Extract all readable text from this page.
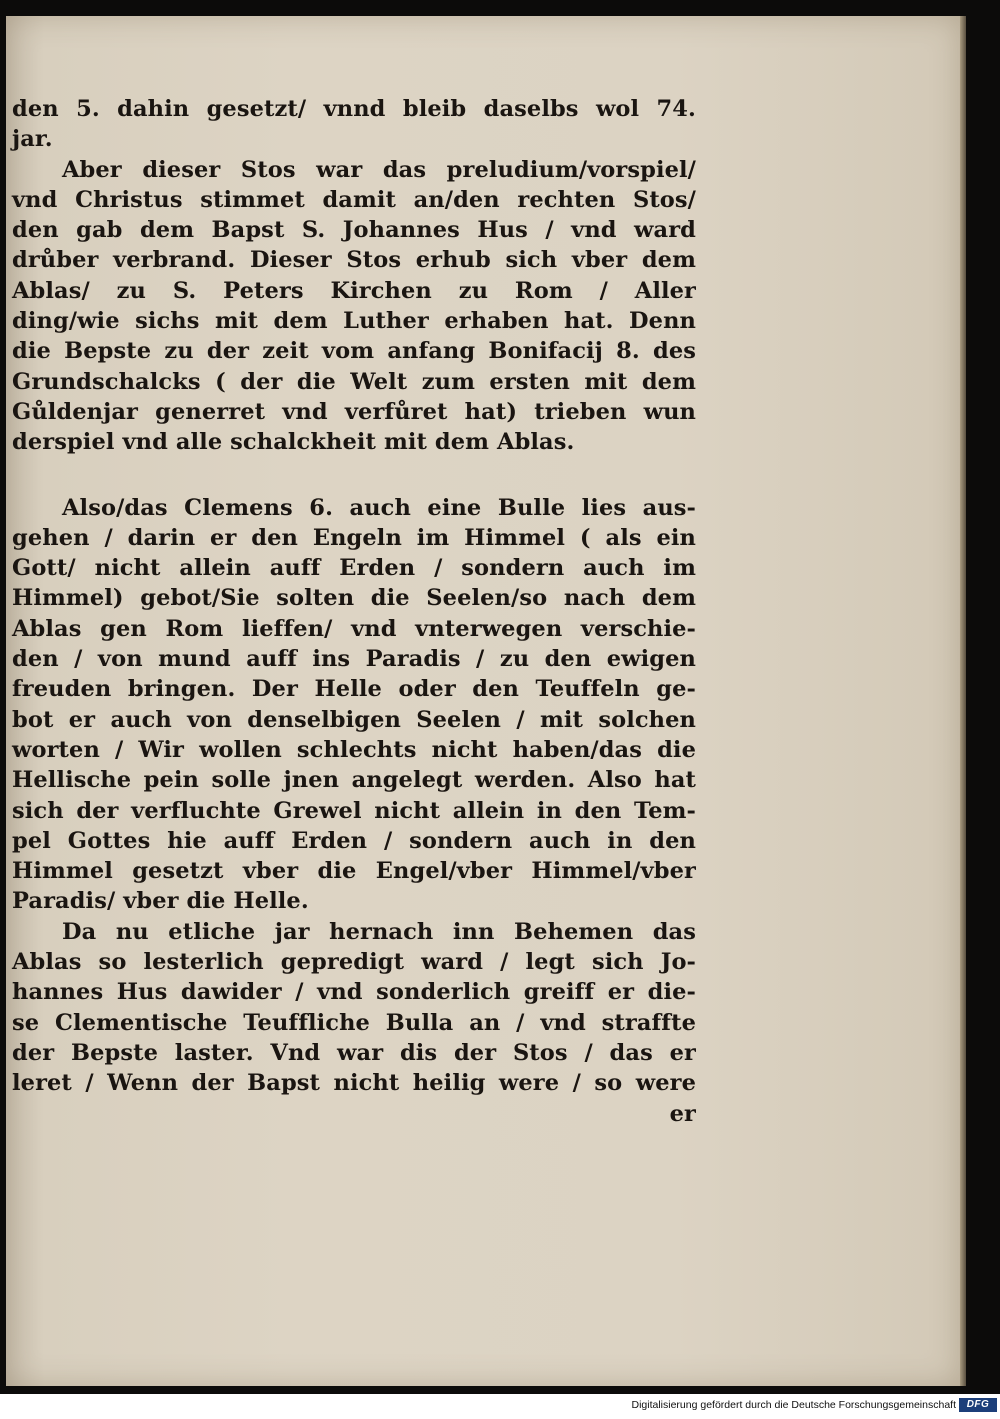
den 5. dahin gesetzt/ vnnd bleib daselbs wol 74.
jar.
Aber dieser Stos war das preludium/vorspiel/
vnd Christus stimmet damit an/den rechten Stos/
den gab dem Bapst S. Johannes Hus / vnd ward
drůber verbrand. Dieser Stos erhub sich vber dem
Ablas/ zu S. Peters Kirchen zu Rom / Aller
ding/wie sichs mit dem Luther erhaben hat. Denn
die Bepste zu der zeit vom anfang Bonifacij 8. des
Grundschalcks ( der die Welt zum ersten mit dem
Gůldenjar generret vnd verfůret hat) trieben wun
derspiel vnd alle schalckheit mit dem Ablas.
Also/das Clemens 6. auch eine Bulle lies aus-
gehen / darin er den Engeln im Himmel ( als ein
Gott/ nicht allein auff Erden / sondern auch im
Himmel) gebot/Sie solten die Seelen/so nach dem
Ablas gen Rom lieffen/ vnd vnterwegen verschie-
den / von mund auff ins Paradis / zu den ewigen
freuden bringen. Der Helle oder den Teuffeln ge-
bot er auch von denselbigen Seelen / mit solchen
worten / Wir wollen schlechts nicht haben/das die
Hellische pein solle jnen angelegt werden. Also hat
sich der verfluchte Grewel nicht allein in den Tem-
pel Gottes hie auff Erden / sondern auch in den
Himmel gesetzt vber die Engel/vber Himmel/vber
Paradis/ vber die Helle.
Da nu etliche jar hernach inn Behemen das
Ablas so lesterlich gepredigt ward / legt sich Jo-
hannes Hus dawider / vnd sonderlich greiff er die-
se Clementische Teuffliche Bulla an / vnd straffte
der Bepste laster. Vnd war dis der Stos / das er
leret / Wenn der Bapst nicht heilig were / so were
er
Digitalisierung gefördert durch die Deutsche Forschungsgemeinschaft	DFG
